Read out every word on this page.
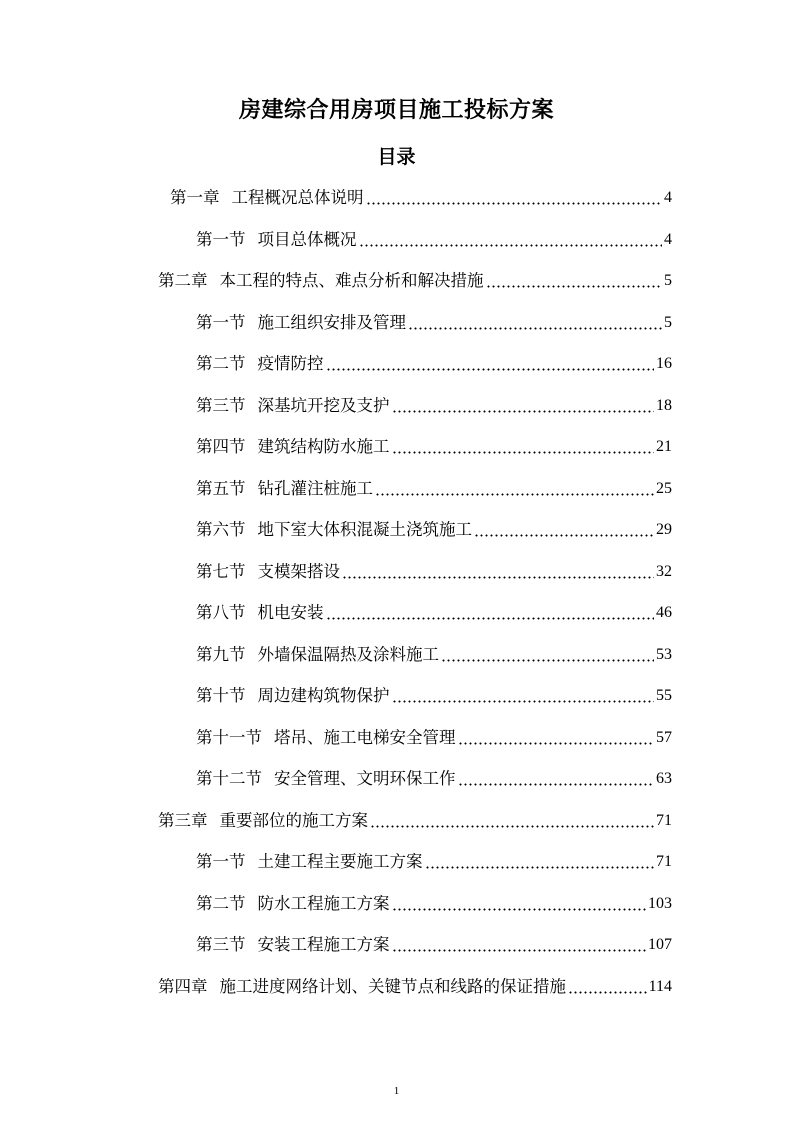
房建综合用房项目施工投标方案
目录
第一章 工程概况总体说明	4
第一节 项目总体概况	4
第二章 本工程的特点、难点分析和解决措施	5
第一节 施工组织安排及管理	5
第二节 疫情防控	16
第三节 深基坑开挖及支护	18
第四节 建筑结构防水施工	21
第五节 钻孔灌注桩施工	25
第六节 地下室大体积混凝土浇筑施工	29
第七节 支模架搭设	32
第八节 机电安装	46
第九节 外墙保温隔热及涂料施工	53
第十节 周边建构筑物保护	55
第十一节 塔吊、施工电梯安全管理	57
第十二节 安全管理、文明环保工作	63
第三章 重要部位的施工方案	71
第一节 土建工程主要施工方案	71
第二节 防水工程施工方案	103
第三节 安装工程施工方案	107
第四章 施工进度网络计划、关键节点和线路的保证措施	114
1
